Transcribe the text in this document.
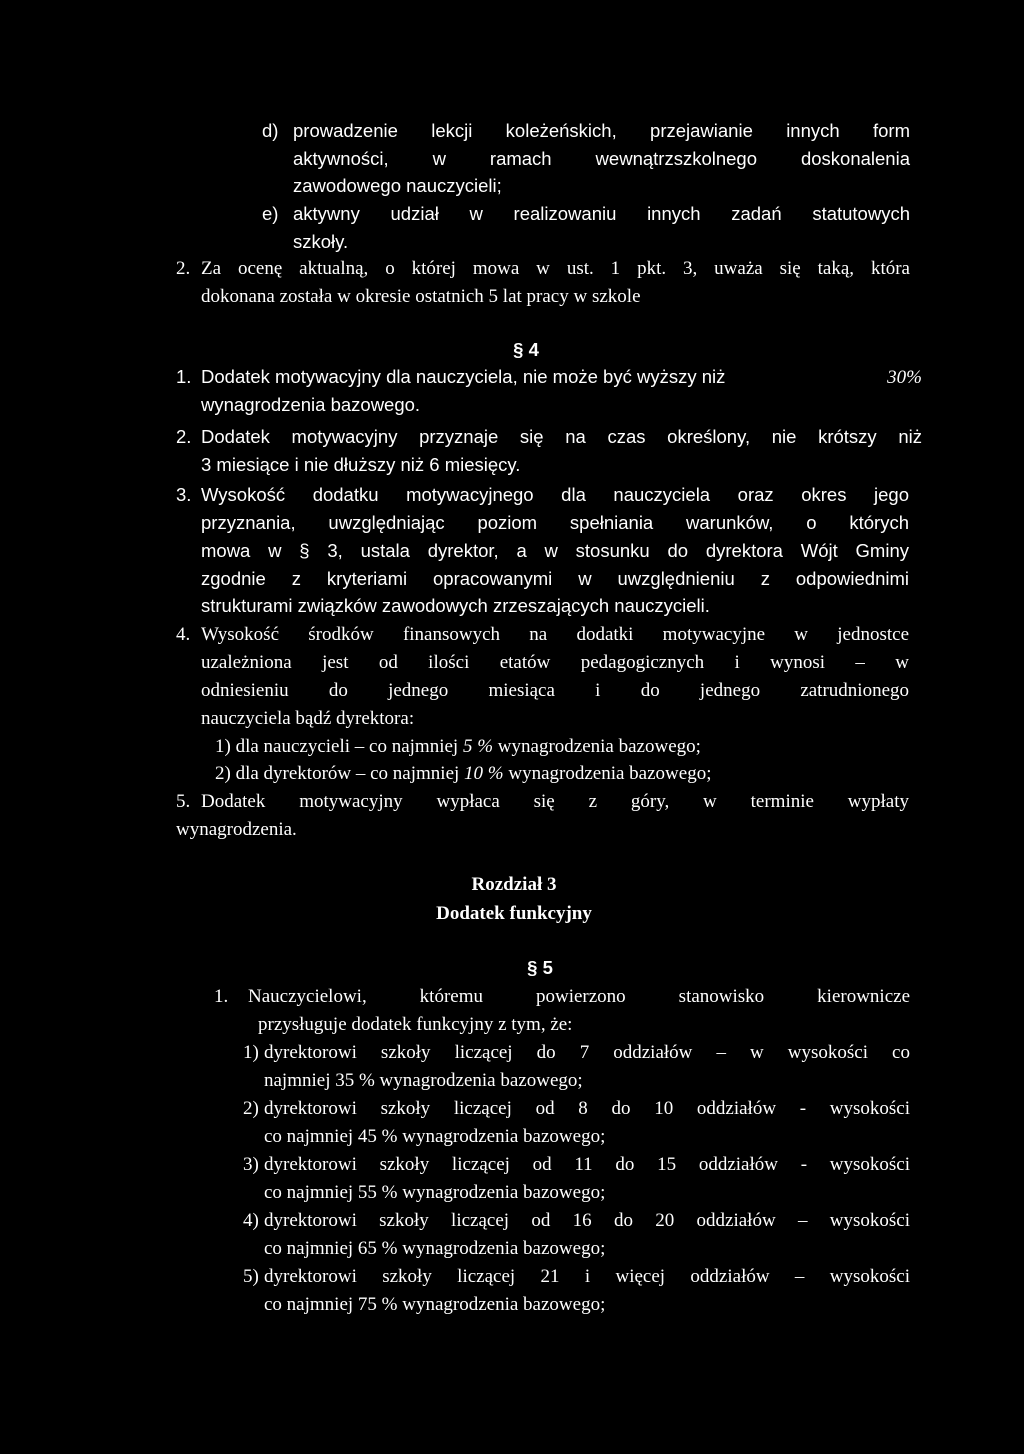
d) prowadzenie lekcji koleżeńskich, przejawianie innych form
aktywności, w ramach wewnątrzszkolnego doskonalenia
zawodowego nauczycieli;
e) aktywny udział w realizowaniu innych zadań statutowych
szkoły.
2. Za ocenę aktualną, o której mowa w ust. 1 pkt. 3, uważa się taką, która
dokonana została w okresie ostatnich 5 lat pracy w szkole
§ 4
1. Dodatek motywacyjny dla nauczyciela, nie może być wyższy niż	30%
wynagrodzenia bazowego.
2. Dodatek motywacyjny przyznaje się na czas określony, nie krótszy niż
3 miesiące i nie dłuższy niż 6 miesięcy.
3. Wysokość dodatku motywacyjnego dla nauczyciela oraz okres jego
przyznania, uwzględniając poziom spełniania warunków, o których
mowa w § 3, ustala dyrektor, a w stosunku do dyrektora Wójt Gminy
zgodnie z kryteriami opracowanymi w uwzględnieniu z odpowiednimi
strukturami związków zawodowych zrzeszających nauczycieli.
4. Wysokość środków finansowych na dodatki motywacyjne w jednostce
uzależniona jest od ilości etatów pedagogicznych i wynosi – w
odniesieniu do jednego miesiąca i do jednego zatrudnionego
nauczyciela bądź dyrektora:
1) dla nauczycieli – co najmniej 5 % wynagrodzenia bazowego;
2) dla dyrektorów – co najmniej 10 % wynagrodzenia bazowego;
5. Dodatek motywacyjny wypłaca się z góry, w terminie wypłaty
wynagrodzenia.
Rozdział 3
Dodatek funkcyjny
§ 5
1. Nauczycielowi, któremu powierzono stanowisko kierownicze
przysługuje dodatek funkcyjny z tym, że:
1) dyrektorowi szkoły liczącej do 7 oddziałów – w wysokości co
najmniej 35 % wynagrodzenia bazowego;
2) dyrektorowi szkoły liczącej od 8 do 10 oddziałów - wysokości
co najmniej 45 % wynagrodzenia bazowego;
3) dyrektorowi szkoły liczącej od 11 do 15 oddziałów - wysokości
co najmniej 55 % wynagrodzenia bazowego;
4) dyrektorowi szkoły liczącej od 16 do 20 oddziałów – wysokości
co najmniej 65 % wynagrodzenia bazowego;
5) dyrektorowi szkoły liczącej 21 i więcej oddziałów – wysokości
co najmniej 75 % wynagrodzenia bazowego;
